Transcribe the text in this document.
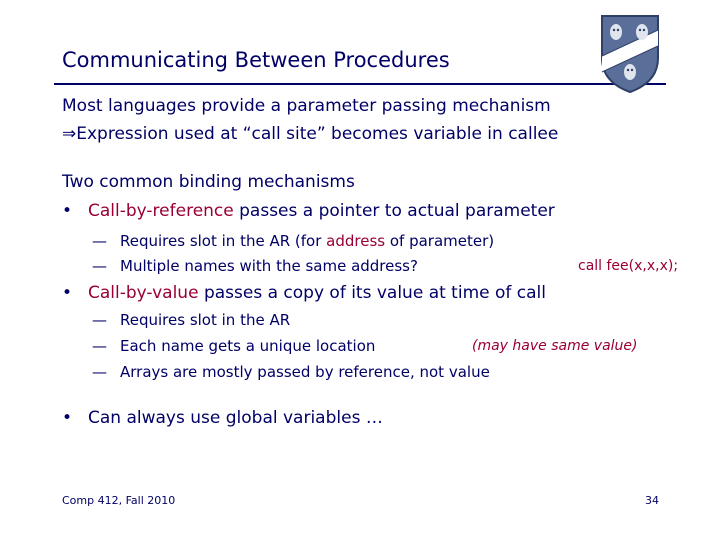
Communicating Between Procedures
Most languages provide a parameter passing mechanism
⇒Expression used at “call site” becomes variable in callee
Two common binding mechanisms
• Call-by-reference passes a pointer to actual parameter
— Requires slot in the AR (for address of parameter)
— Multiple names with the same address?	call fee(x,x,x);
• Call-by-value passes a copy of its value at time of call
— Requires slot in the AR
— Each name gets a unique location	(may have same value)
— Arrays are mostly passed by reference, not value
• Can always use global variables …
Comp 412, Fall 2010	34
